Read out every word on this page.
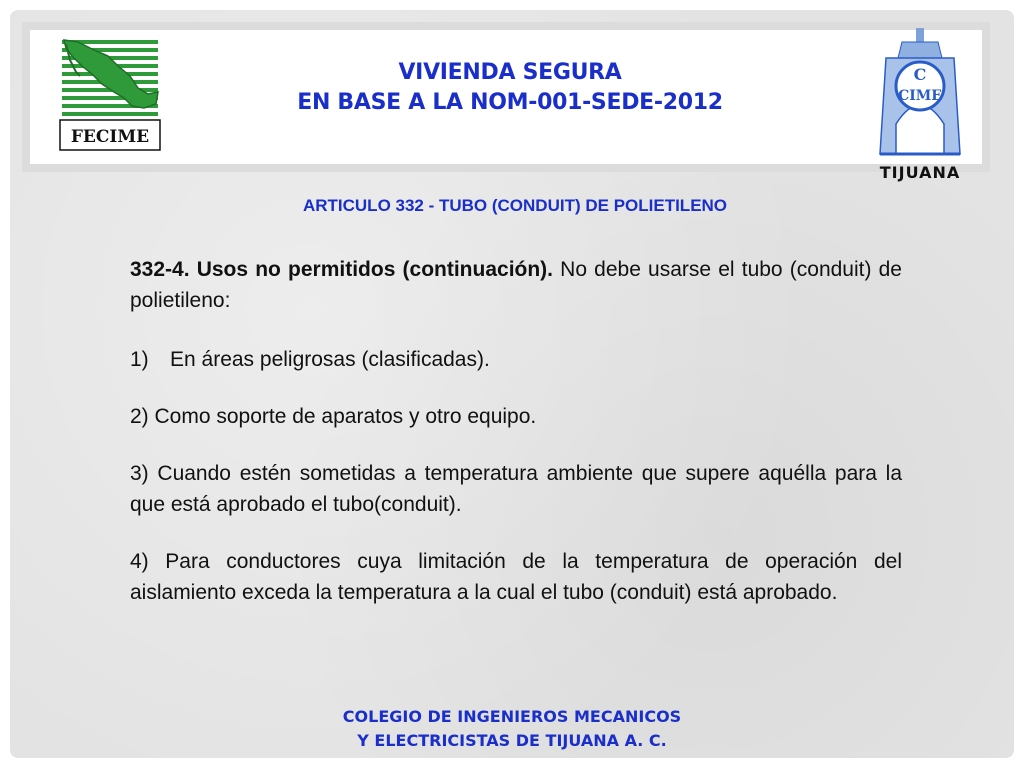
FECIME
VIVIENDA SEGURA
EN BASE A LA NOM-001-SEDE-2012
C
CIME
TIJUANA
ARTICULO 332 - TUBO (CONDUIT) DE POLIETILENO

332-4. Usos no permitidos (continuación). No debe usarse el tubo (conduit) de polietileno:

1) En áreas peligrosas (clasificadas).

2) Como soporte de aparatos y otro equipo.

3) Cuando estén sometidas a temperatura ambiente que supere aquélla para la que está aprobado el tubo(conduit).

4) Para conductores cuya limitación de la temperatura de operación del aislamiento exceda la temperatura a la cual el tubo (conduit) está aprobado.

COLEGIO DE INGENIEROS MECANICOS
Y ELECTRICISTAS DE TIJUANA A. C.
